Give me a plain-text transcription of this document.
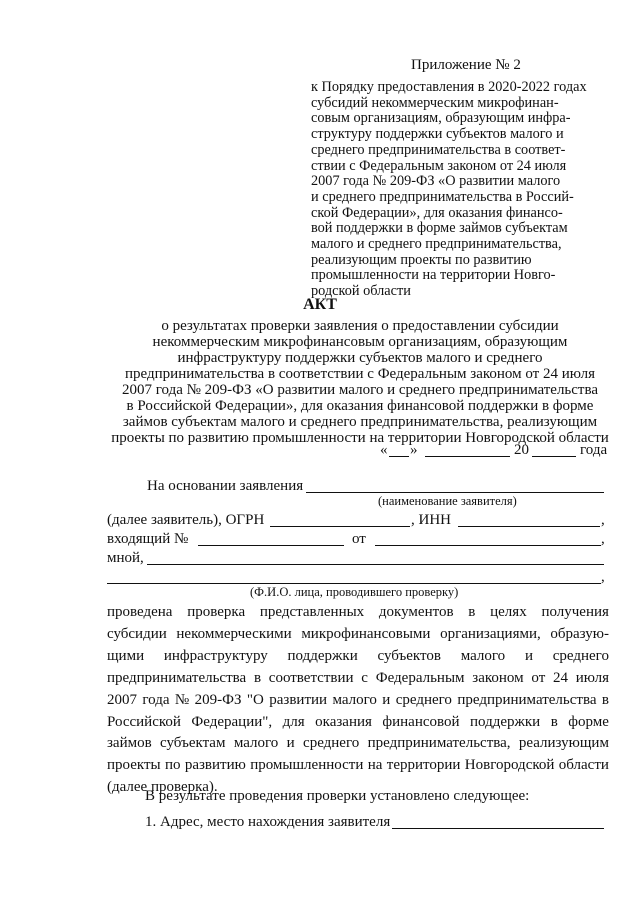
Приложение № 2
к Порядку предоставления в 2020-2022 годах
субсидий некоммерческим микрофинан-
совым организациям, образующим инфра-
структуру поддержки субъектов малого и
среднего предпринимательства в соответ-
ствии с Федеральным законом от 24 июля
2007 года № 209-ФЗ «О развитии малого
и среднего предпринимательства в Россий-
ской Федерации», для оказания финансо-
вой поддержки в форме займов субъектам
малого и среднего предпринимательства,
реализующим проекты по развитию
промышленности на территории Новго-
родской области
АКТ
о результатах проверки заявления о предоставлении субсидии
некоммерческим микрофинансовым организациям, образующим
инфраструктуру поддержки субъектов малого и среднего
предпринимательства в соответствии с Федеральным законом от 24 июля
2007 года № 209-ФЗ «О развитии малого и среднего предпринимательства
в Российской Федерации», для оказания финансовой поддержки в форме
займов субъектам малого и среднего предпринимательства, реализующим
проекты по развитию промышленности на территории Новгородской области
« »	20	года
На основании заявления
(наименование заявителя)
(далее заявитель), ОГРН	, ИНН	,
входящий №	от	,
мной,
,
(Ф.И.О. лица, проводившего проверку)
проведена проверка представленных документов в целях получения
субсидии некоммерческими микрофинансовыми организациями, образую-
щими инфраструктуру поддержки субъектов малого и среднего
предпринимательства в соответствии с Федеральным законом от 24 июля
2007 года № 209-ФЗ "О развитии малого и среднего предпринимательства в
Российской Федерации", для оказания финансовой поддержки в форме
займов субъектам малого и среднего предпринимательства, реализующим
проекты по развитию промышленности на территории Новгородской области
(далее проверка).
В результате проведения проверки установлено следующее:
1. Адрес, место нахождения заявителя
